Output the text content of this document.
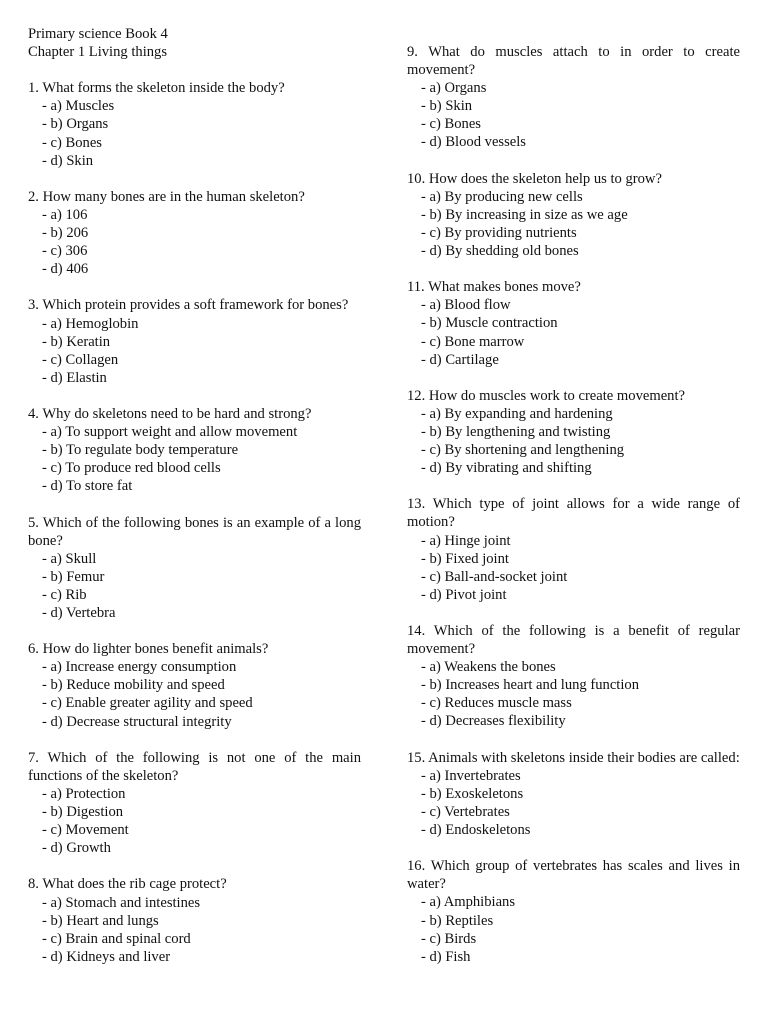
Primary science Book 4

Chapter 1 Living things

1. What forms the skeleton inside the body?

- a) Muscles
- b) Organs
- c) Bones
- d) Skin

2. How many bones are in the human skeleton?

- a) 106
- b) 206
- c) 306
- d) 406

3. Which protein provides a soft framework for bones?

- a) Hemoglobin
- b) Keratin
- c) Collagen
- d) Elastin

4. Why do skeletons need to be hard and strong?

- a) To support weight and allow movement
- b) To regulate body temperature
- c) To produce red blood cells
- d) To store fat

5. Which of the following bones is an example of a long bone?

- a) Skull
- b) Femur
- c) Rib
- d) Vertebra

6. How do lighter bones benefit animals?

- a) Increase energy consumption
- b) Reduce mobility and speed
- c) Enable greater agility and speed
- d) Decrease structural integrity

7. Which of the following is not one of the main functions of the skeleton?

- a) Protection
- b) Digestion
- c) Movement
- d) Growth

8. What does the rib cage protect?

- a) Stomach and intestines
- b) Heart and lungs
- c) Brain and spinal cord
- d) Kidneys and liver

9. What do muscles attach to in order to create movement?

- a) Organs
- b) Skin
- c) Bones
- d) Blood vessels

10. How does the skeleton help us to grow?

- a) By producing new cells
- b) By increasing in size as we age
- c) By providing nutrients
- d) By shedding old bones

11. What makes bones move?

- a) Blood flow
- b) Muscle contraction
- c) Bone marrow
- d) Cartilage

12. How do muscles work to create movement?

- a) By expanding and hardening
- b) By lengthening and twisting
- c) By shortening and lengthening
- d) By vibrating and shifting

13. Which type of joint allows for a wide range of motion?

- a) Hinge joint
- b) Fixed joint
- c) Ball-and-socket joint
- d) Pivot joint

14. Which of the following is a benefit of regular movement?

- a) Weakens the bones
- b) Increases heart and lung function
- c) Reduces muscle mass
- d) Decreases flexibility

15. Animals with skeletons inside their bodies are called:

- a) Invertebrates
- b) Exoskeletons
- c) Vertebrates
- d) Endoskeletons

16. Which group of vertebrates has scales and lives in water?

- a) Amphibians
- b) Reptiles
- c) Birds
- d) Fish
